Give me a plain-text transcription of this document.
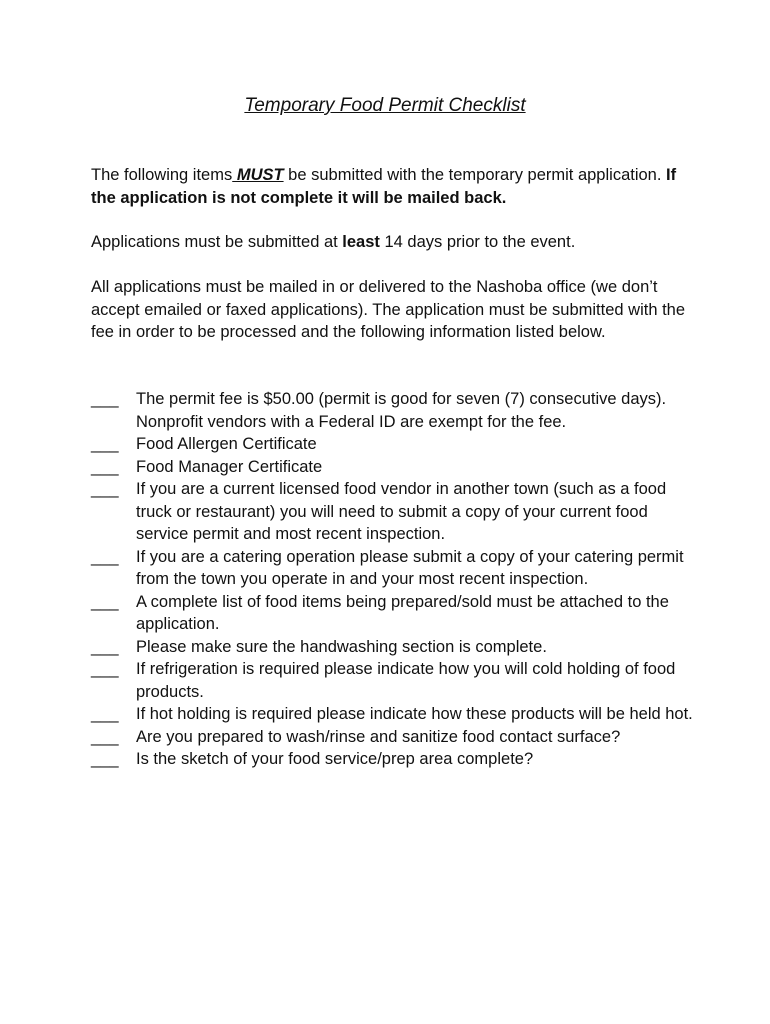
Temporary Food Permit Checklist
The following items MUST be submitted with the temporary permit application. If the application is not complete it will be mailed back.
Applications must be submitted at least 14 days prior to the event.
All applications must be mailed in or delivered to the Nashoba office (we don’t accept emailed or faxed applications). The application must be submitted with the fee in order to be processed and the following information listed below.
___	The permit fee is $50.00 (permit is good for seven (7) consecutive days). Nonprofit vendors with a Federal ID are exempt for the fee.
___	Food Allergen Certificate
___	Food Manager Certificate
___	If you are a current licensed food vendor in another town (such as a food truck or restaurant) you will need to submit a copy of your current food service permit and most recent inspection.
___	If you are a catering operation please submit a copy of your catering permit from the town you operate in and your most recent inspection.
___	A complete list of food items being prepared/sold must be attached to the application.
___	Please make sure the handwashing section is complete.
___	If refrigeration is required please indicate how you will cold holding of food products.
___	If hot holding is required please indicate how these products will be held hot.
___	Are you prepared to wash/rinse and sanitize food contact surface?
___	Is the sketch of your food service/prep area complete?
